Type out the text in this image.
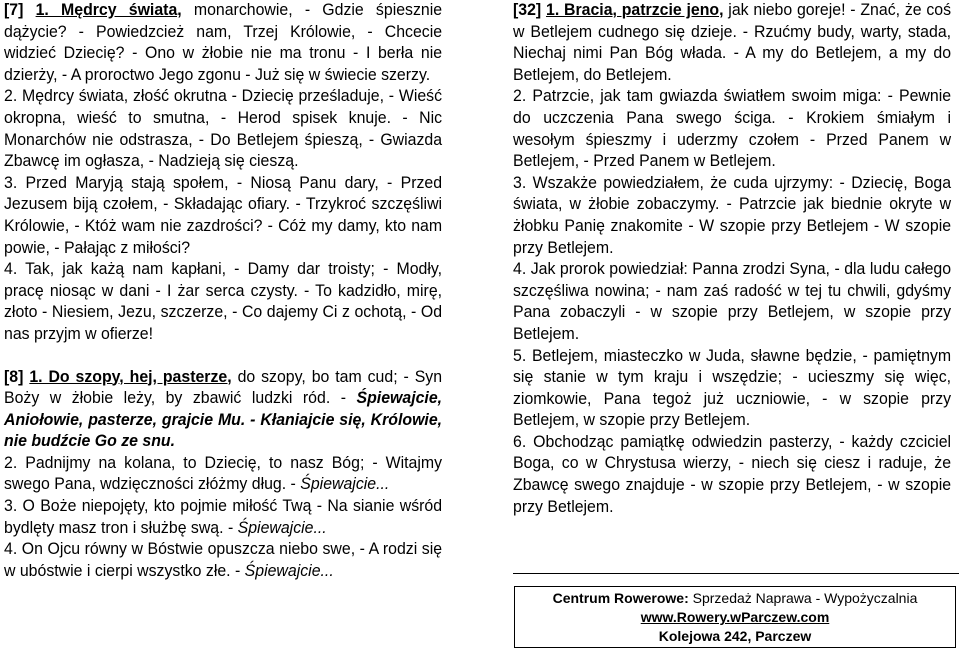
[7] 1. Mędrcy świata, monarchowie, - Gdzie śpiesznie dążycie? - Powiedzcież nam, Trzej Królowie, - Chcecie widzieć Dziecię? - Ono w żłobie nie ma tronu - I berła nie dzierży, - A proroctwo Jego zgonu - Już się w świecie szerzy.

2. Mędrcy świata, złość okrutna - Dziecię prześladuje, - Wieść okropna, wieść to smutna, - Herod spisek knuje. - Nic Monarchów nie odstrasza, - Do Betlejem śpieszą, - Gwiazda Zbawcę im ogłasza, - Nadzieją się cieszą.

3. Przed Maryją stają społem, - Niosą Panu dary, - Przed Jezusem biją czołem, - Składając ofiary. - Trzykroć szczęśliwi Królowie, - Któż wam nie zazdrości? - Cóż my damy, kto nam powie, - Pałając z miłości?

4. Tak, jak każą nam kapłani, - Damy dar troisty; - Modły, pracę niosąc w dani - I żar serca czysty. - To kadzidło, mirę, złoto - Niesiem, Jezu, szczerze, - Co dajemy Ci z ochotą, - Od nas przyjm w ofierze!

[8] 1. Do szopy, hej, pasterze, do szopy, bo tam cud; - Syn Boży w żłobie leży, by zbawić ludzki ród. - Śpiewajcie, Aniołowie, pasterze, grajcie Mu. - Kłaniajcie się, Królowie, nie budźcie Go ze snu.

2. Padnijmy na kolana, to Dziecię, to nasz Bóg; - Witajmy swego Pana, wdzięczności złóżmy dług. - Śpiewajcie...

3. O Boże niepojęty, kto pojmie miłość Twą - Na sianie wśród bydlęty masz tron i służbę swą. - Śpiewajcie...

4. On Ojcu równy w Bóstwie opuszcza niebo swe, - A rodzi się w ubóstwie i cierpi wszystko złe. - Śpiewajcie...

[32] 1. Bracia, patrzcie jeno, jak niebo goreje! - Znać, że coś w Betlejem cudnego się dzieje. - Rzućmy budy, warty, stada, Niechaj nimi Pan Bóg włada. - A my do Betlejem, a my do Betlejem, do Betlejem.

2. Patrzcie, jak tam gwiazda światłem swoim miga: - Pewnie do uczczenia Pana swego ściga. - Krokiem śmiałym i wesołym śpieszmy i uderzmy czołem - Przed Panem w Betlejem, - Przed Panem w Betlejem.

3. Wszakże powiedziałem, że cuda ujrzymy: - Dziecię, Boga świata, w żłobie zobaczymy. - Patrzcie jak biednie okryte w żłobku Panię znakomite - W szopie przy Betlejem - W szopie przy Betlejem.

4. Jak prorok powiedział: Panna zrodzi Syna, - dla ludu całego szczęśliwa nowina; - nam zaś radość w tej tu chwili, gdyśmy Pana zobaczyli - w szopie przy Betlejem, w szopie przy Betlejem.

5. Betlejem, miasteczko w Juda, sławne będzie, - pamiętnym się stanie w tym kraju i wszędzie; - ucieszmy się więc, ziomkowie, Pana tegoż już uczniowie, - w szopie przy Betlejem, w szopie przy Betlejem.

6. Obchodząc pamiątkę odwiedzin pasterzy, - każdy czciciel Boga, co w Chrystusa wierzy, - niech się ciesz i raduje, że Zbawcę swego znajduje - w szopie przy Betlejem, - w szopie przy Betlejem.

Centrum Rowerowe: Sprzedaż Naprawa - Wypożyczalnia
www.Rowery.wParczew.com
Kolejowa 242, Parczew
